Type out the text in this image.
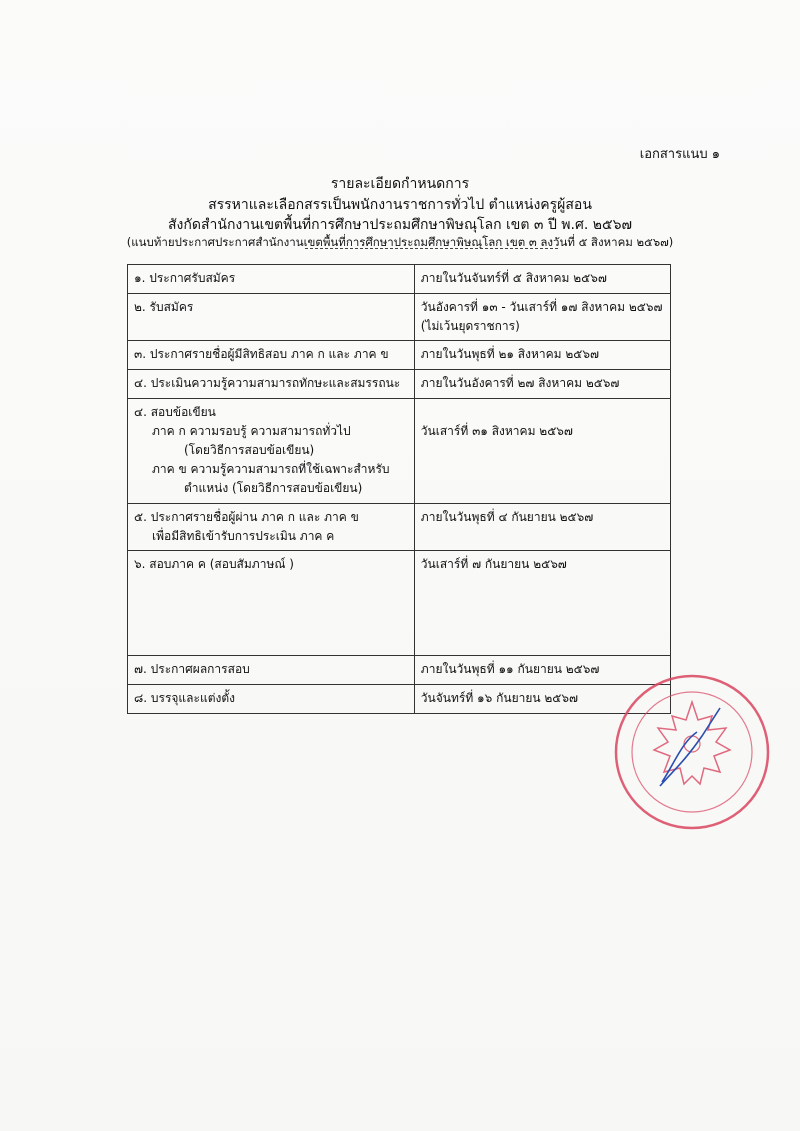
เอกสารแนบ ๑
รายละเอียดกำหนดการ
สรรหาและเลือกสรรเป็นพนักงานราชการทั่วไป ตำแหน่งครูผู้สอน
สังกัดสำนักงานเขตพื้นที่การศึกษาประถมศึกษาพิษณุโลก เขต ๓ ปี พ.ศ. ๒๕๖๗
(แนบท้ายประกาศประกาศสำนักงานเขตพื้นที่การศึกษาประถมศึกษาพิษณุโลก เขต ๓ ลงวันที่ ๕ สิงหาคม ๒๕๖๗)
๑. ประกาศรับสมัคร	ภายในวันจันทร์ที่ ๕ สิงหาคม ๒๕๖๗
๒. รับสมัคร	วันอังคารที่ ๑๓ - วันเสาร์ที่ ๑๗ สิงหาคม ๒๕๖๗
(ไม่เว้นยุดราชการ)

๓. ประกาศรายชื่อผู้มีสิทธิสอบ ภาค ก และ ภาค ข	ภายในวันพุธที่ ๒๑ สิงหาคม ๒๕๖๗
๔. ประเมินความรู้ความสามารถทักษะและสมรรถนะ	ภายในวันอังคารที่ ๒๗ สิงหาคม ๒๕๖๗

๔. สอบข้อเขียน
ภาค ก ความรอบรู้ ความสามารถทั่วไป
(โดยวิธีการสอบข้อเขียน)
ภาค ข ความรู้ความสามารถที่ใช้เฉพาะสำหรับ
ตำแหน่ง (โดยวิธีการสอบข้อเขียน)	วันเสาร์ที่ ๓๑ สิงหาคม ๒๕๖๗

๕. ประกาศรายชื่อผู้ผ่าน ภาค ก และ ภาค ข
เพื่อมีสิทธิเข้ารับการประเมิน ภาค ค	ภายในวันพุธที่ ๔ กันยายน ๒๕๖๗
๖. สอบภาค ค (สอบสัมภาษณ์ )	วันเสาร์ที่ ๗ กันยายน ๒๕๖๗
๗. ประกาศผลการสอบ	ภายในวันพุธที่ ๑๑ กันยายน ๒๕๖๗
๘. บรรจุและแต่งตั้ง	วันจันทร์ที่ ๑๖ กันยายน ๒๕๖๗
